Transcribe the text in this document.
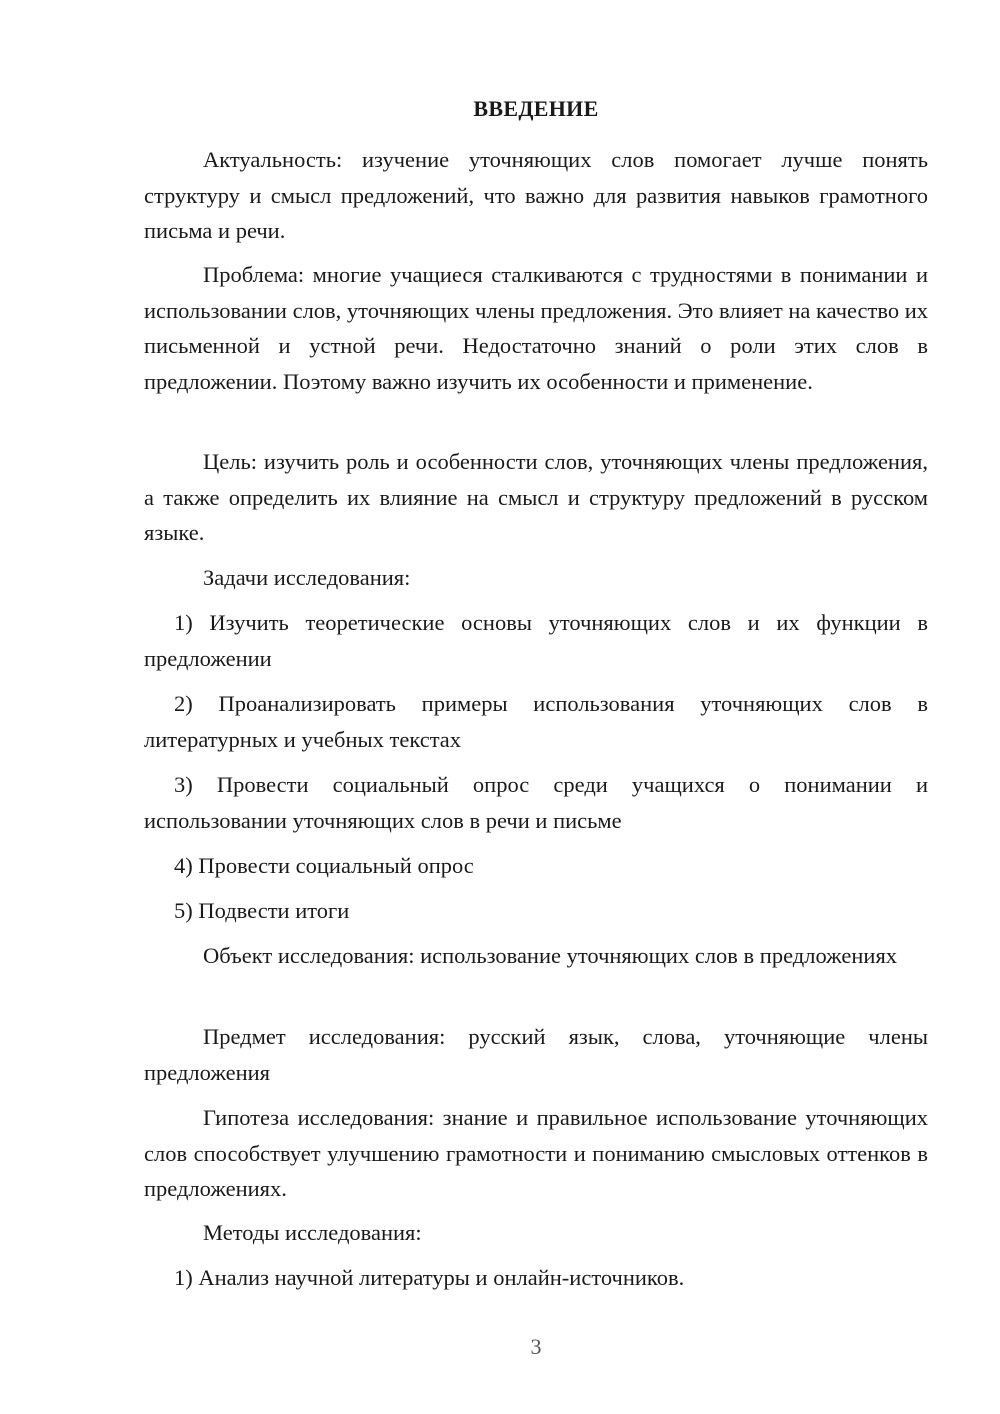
ВВЕДЕНИЕ

Актуальность: изучение уточняющих слов помогает лучше понять структуру и смысл предложений, что важно для развития навыков грамотного письма и речи.

Проблема: многие учащиеся сталкиваются с трудностями в понимании и использовании слов, уточняющих члены предложения. Это влияет на качество их письменной и устной речи. Недостаточно знаний о роли этих слов в предложении. Поэтому важно изучить их особенности и применение.

Цель: изучить роль и особенности слов, уточняющих члены предложения, а также определить их влияние на смысл и структуру предложений в русском языке.

Задачи исследования:

1) Изучить теоретические основы уточняющих слов и их функции в предложении

2) Проанализировать примеры использования уточняющих слов в литературных и учебных текстах

3) Провести социальный опрос среди учащихся о понимании и использовании уточняющих слов в речи и письме

4) Провести социальный опрос

5) Подвести итоги

Объект исследования: использование уточняющих слов в предложениях

Предмет исследования: русский язык, слова, уточняющие члены предложения

Гипотеза исследования: знание и правильное использование уточняющих слов способствует улучшению грамотности и пониманию смысловых оттенков в предложениях.

Методы исследования:

1) Анализ научной литературы и онлайн-источников.

3
